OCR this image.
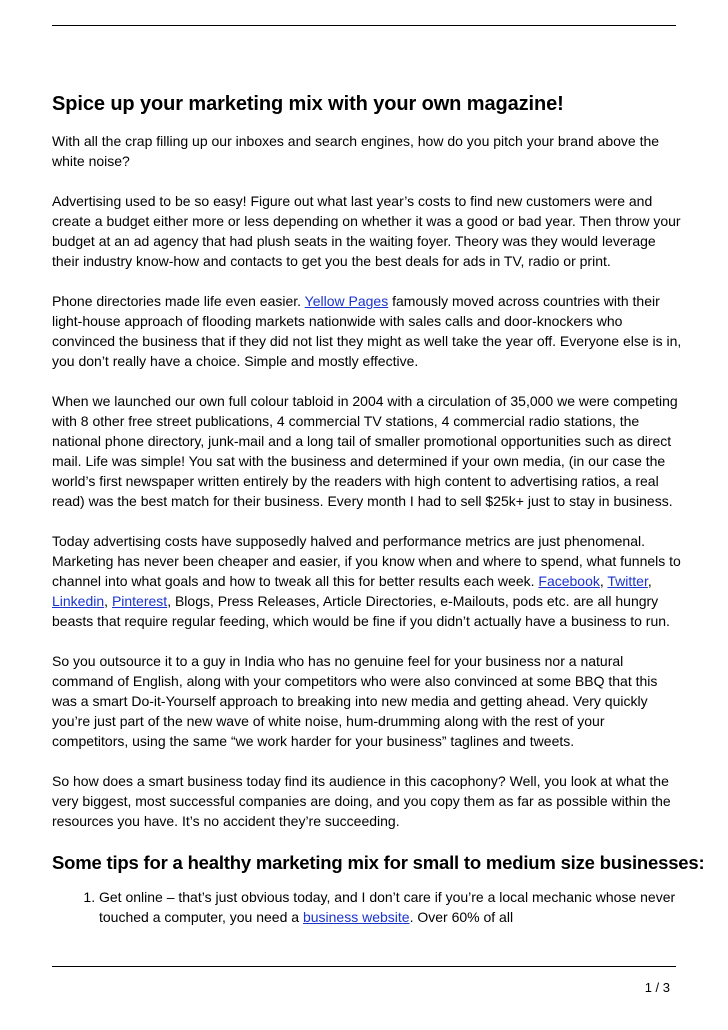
Spice up your marketing mix with your own magazine!

With all the crap filling up our inboxes and search engines, how do you pitch your brand above the white noise?

Advertising used to be so easy! Figure out what last year’s costs to find new customers were and create a budget either more or less depending on whether it was a good or bad year. Then throw your budget at an ad agency that had plush seats in the waiting foyer. Theory was they would leverage their industry know-how and contacts to get you the best deals for ads in TV, radio or print.

Phone directories made life even easier. Yellow Pages famously moved across countries with their light-house approach of flooding markets nationwide with sales calls and door-knockers who convinced the business that if they did not list they might as well take the year off. Everyone else is in, you don’t really have a choice. Simple and mostly effective.

When we launched our own full colour tabloid in 2004 with a circulation of 35,000 we were competing with 8 other free street publications, 4 commercial TV stations, 4 commercial radio stations, the national phone directory, junk-mail and a long tail of smaller promotional opportunities such as direct mail. Life was simple! You sat with the business and determined if your own media, (in our case the world’s first newspaper written entirely by the readers with high content to advertising ratios, a real read) was the best match for their business. Every month I had to sell $25k+ just to stay in business.

Today advertising costs have supposedly halved and performance metrics are just phenomenal. Marketing has never been cheaper and easier, if you know when and where to spend, what funnels to channel into what goals and how to tweak all this for better results each week. Facebook, Twitter, Linkedin, Pinterest, Blogs, Press Releases, Article Directories, e-Mailouts, pods etc. are all hungry beasts that require regular feeding, which would be fine if you didn’t actually have a business to run.

So you outsource it to a guy in India who has no genuine feel for your business nor a natural command of English, along with your competitors who were also convinced at some BBQ that this was a smart Do-it-Yourself approach to breaking into new media and getting ahead. Very quickly you’re just part of the new wave of white noise, hum-drumming along with the rest of your competitors, using the same “we work harder for your business” taglines and tweets.

So how does a smart business today find its audience in this cacophony? Well, you look at what the very biggest, most successful companies are doing, and you copy them as far as possible within the resources you have. It’s no accident they’re succeeding.

Some tips for a healthy marketing mix for small to medium size businesses:
1. Get online – that’s just obvious today, and I don’t care if you’re a local mechanic whose never touched a computer, you need a business website. Over 60% of all
1 / 3
